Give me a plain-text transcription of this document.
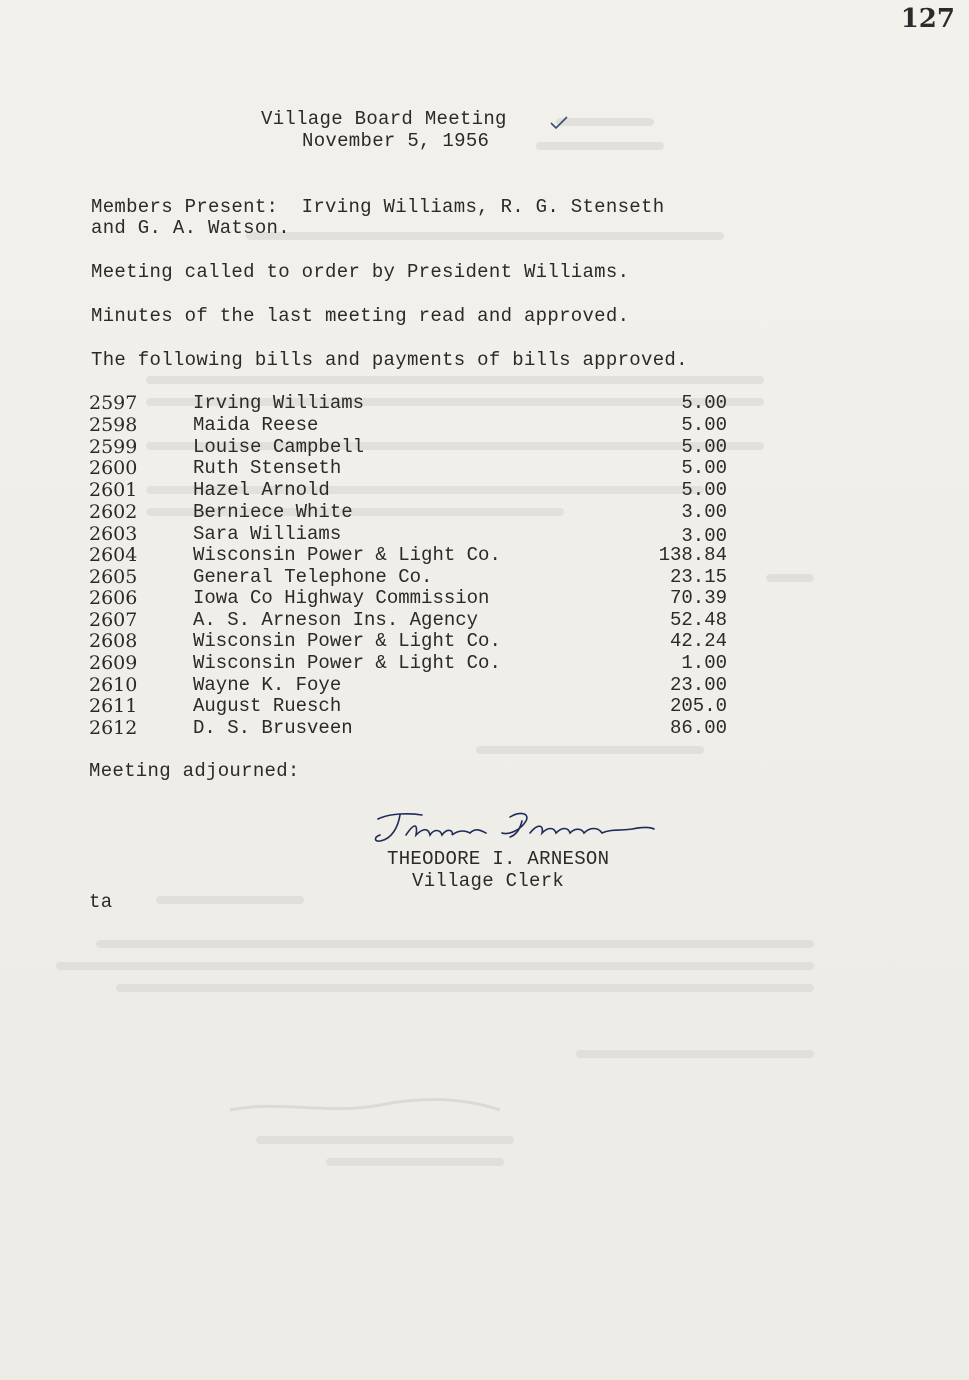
127
Village Board Meeting
November 5, 1956
Members Present:  Irving Williams, R. G. Stenseth
and G. A. Watson.
Meeting called to order by President Williams.
Minutes of the last meeting read and approved.
The following bills and payments of bills approved.
2597	Irving Williams	5.00
2598	Maida Reese	5.00
2599	Louise Campbell	5.00
2600	Ruth Stenseth	5.00
2601	Hazel Arnold	5.00
2602	Berniece White	3.00
2603	Sara Williams	3.00
2604	Wisconsin Power & Light Co.	138.84
2605	General Telephone Co.	23.15
2606	Iowa Co Highway Commission	70.39
2607	A. S. Arneson Ins. Agency	52.48
2608	Wisconsin Power & Light Co.	42.24
2609	Wisconsin Power & Light Co.	1.00
2610	Wayne K. Foye	23.00
2611	August Ruesch	205.0
2612	D. S. Brusveen	86.00
Meeting adjourned:
THEODORE I. ARNESON
Village Clerk
ta
